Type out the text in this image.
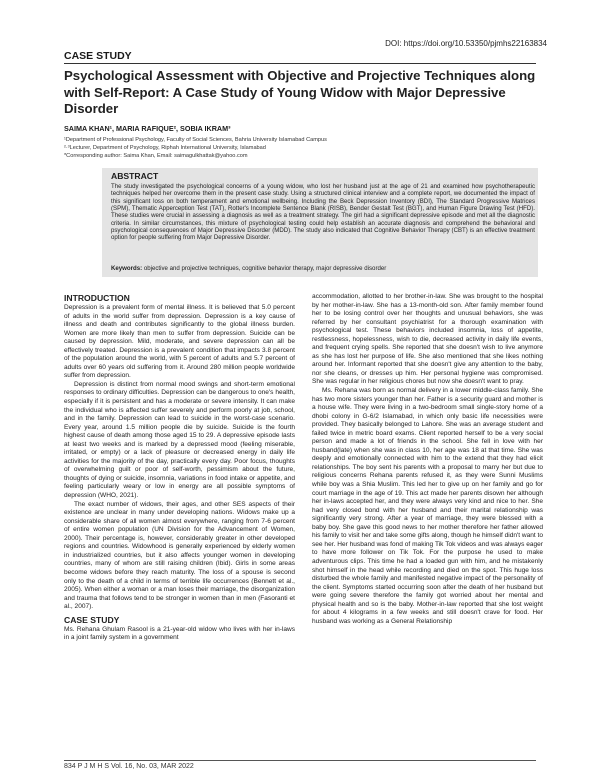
DOI: https://doi.org/10.53350/pjmhs22163834
CASE STUDY
Psychological Assessment with Objective and Projective Techniques along with Self-Report: A Case Study of Young Widow with Major Depressive Disorder
SAIMA KHAN¹, MARIA RAFIQUE², SOBIA IKRAM³
¹Department of Professional Psychology, Faculty of Social Sciences, Bahria University Islamabad Campus
²·³Lecturer, Department of Psychology, Riphah International University, Islamabad
*Corresponding author: Saima Khan, Email: saimagulkhattak@yahoo.com
ABSTRACT
The study investigated the psychological concerns of a young widow, who lost her husband just at the age of 21 and examined how psychotherapeutic techniques helped her overcome them in the present case study. Using a structured clinical interview and a complete report, we documented the impact of this significant loss on both temperament and emotional wellbeing. Including the Beck Depression Inventory (BDI), The Standard Progressive Matrices (SPM), Thematic Apperception Test (TAT), Rotter's Incomplete Sentence Blank (RISB), Bender Gestalt Test (BGT), and Human Figure Drawing Test (HFD). These studies were crucial in assessing a diagnosis as well as a treatment strategy. The girl had a significant depressive episode and met all the diagnostic criteria. In similar circumstances, this mixture of psychological testing could help establish an accurate diagnosis and comprehend the behavioral and psychological consequences of Major Depressive Disorder (MDD). The study also indicated that Cognitive Behavior Therapy (CBT) is an effective treatment option for people suffering from Major Depressive Disorder.
Keywords: objective and projective techniques, cognitive behavior therapy, major depressive disorder
INTRODUCTION

Depression is a prevalent form of mental illness. It is believed that 5.0 percent of adults in the world suffer from depression. Depression is a key cause of illness and death and contributes significantly to the global illness burden. Women are more likely than men to suffer from depression. Suicide can be caused by depression. Mild, moderate, and severe depression can all be effectively treated. Depression is a prevalent condition that impacts 3.8 percent of the population around the world, with 5 percent of adults and 5.7 percent of adults over 60 years old suffering from it. Around 280 million people worldwide suffer from depression.

Depression is distinct from normal mood swings and short-term emotional responses to ordinary difficulties. Depression can be dangerous to one's health, especially if it is persistent and has a moderate or severe intensity. It can make the individual who is affected suffer severely and perform poorly at job, school, and in the family. Depression can lead to suicide in the worst-case scenario. Every year, around 1.5 million people die by suicide. Suicide is the fourth highest cause of death among those aged 15 to 29. A depressive episode lasts at least two weeks and is marked by a depressed mood (feeling miserable, irritated, or empty) or a lack of pleasure or decreased energy in daily life activities for the majority of the day, practically every day. Poor focus, thoughts of overwhelming guilt or poor of self-worth, pessimism about the future, thoughts of dying or suicide, insomnia, variations in food intake or appetite, and feeling particularly weary or low in energy are all possible symptoms of depression (WHO, 2021).

The exact number of widows, their ages, and other SES aspects of their existence are unclear in many under developing nations. Widows make up a considerable share of all women almost everywhere, ranging from 7-6 percent of entire women population (UN Division for the Advancement of Women, 2000). Their percentage is, however, considerably greater in other developed regions and countries. Widowhood is generally experienced by elderly women in industrialized countries, but it also affects younger women in developing countries, many of whom are still raising children (Ibid). Girls in some areas become widows before they reach maturity. The loss of a spouse is second only to the death of a child in terms of terrible life occurrences (Bennett et al., 2005). When either a woman or a man loses their marriage, the disorganization and trauma that follows tend to be stronger in women than in men (Fasoranti et al., 2007).

CASE STUDY

Ms. Rehana Ghulam Rasool is a 21-year-old widow who lives with her in-laws in a joint family system in a government

accommodation, allotted to her brother-in-law. She was brought to the hospital by her mother-in-law. She has a 13-month-old son. After family member found her to be losing control over her thoughts and unusual behaviors, she was referred by her consultant psychiatrist for a thorough examination with psychological test. These behaviors included insomnia, loss of appetite, restlessness, hopelessness, wish to die, decreased activity in daily life events, and frequent crying spells. She reported that she doesn't wish to live anymore as she has lost her purpose of life. She also mentioned that she likes nothing around her. Informant reported that she doesn't give any attention to the baby, nor she cleans, or dresses up him. Her personal hygiene was compromised. She was regular in her religious chores but now she doesn't want to pray.

Ms. Rehana was born as normal delivery in a lower middle-class family. She has two more sisters younger than her. Father is a security guard and mother is a house wife. They were living in a two-bedroom small single-story home of a dhobi colony in G-6/2 Islamabad, in which only basic life necessities were provided. They basically belonged to Lahore. She was an average student and failed twice in metric board exams. Client reported herself to be a very social person and made a lot of friends in the school. She fell in love with her husband(late) when she was in class 10, her age was 18 at that time. She was deeply and emotionally connected with him to the extend that they had elicit relationships. The boy sent his parents with a proposal to marry her but due to religious concerns Rehana parents refused it, as they were Sunni Muslims while boy was a Shia Muslim. This led her to give up on her family and go for court marriage in the age of 19. This act made her parents disown her although her in-laws accepted her, and they were always very kind and nice to her. She had very closed bond with her husband and their marital relationship was significantly very strong. After a year of marriage, they were blessed with a baby boy. She gave this good news to her mother therefore her father allowed his family to visit her and take some gifts along, though he himself didn't want to see her. Her husband was fond of making Tik Tok videos and was always eager to have more follower on Tik Tok. For the purpose he used to make adventurous clips. This time he had a loaded gun with him, and he mistakenly shot himself in the head while recording and died on the spot. This huge loss disturbed the whole family and manifested negative impact of the personality of the client. Symptoms started occurring soon after the death of her husband but were going severe therefore the family got worried about her mental and physical health and so is the baby. Mother-in-law reported that she lost weight for about 4 kilograms in a few weeks and still doesn't crave for food. Her husband was working as a General Relationship

834 P J M H S Vol. 16, No. 03, MAR 2022
